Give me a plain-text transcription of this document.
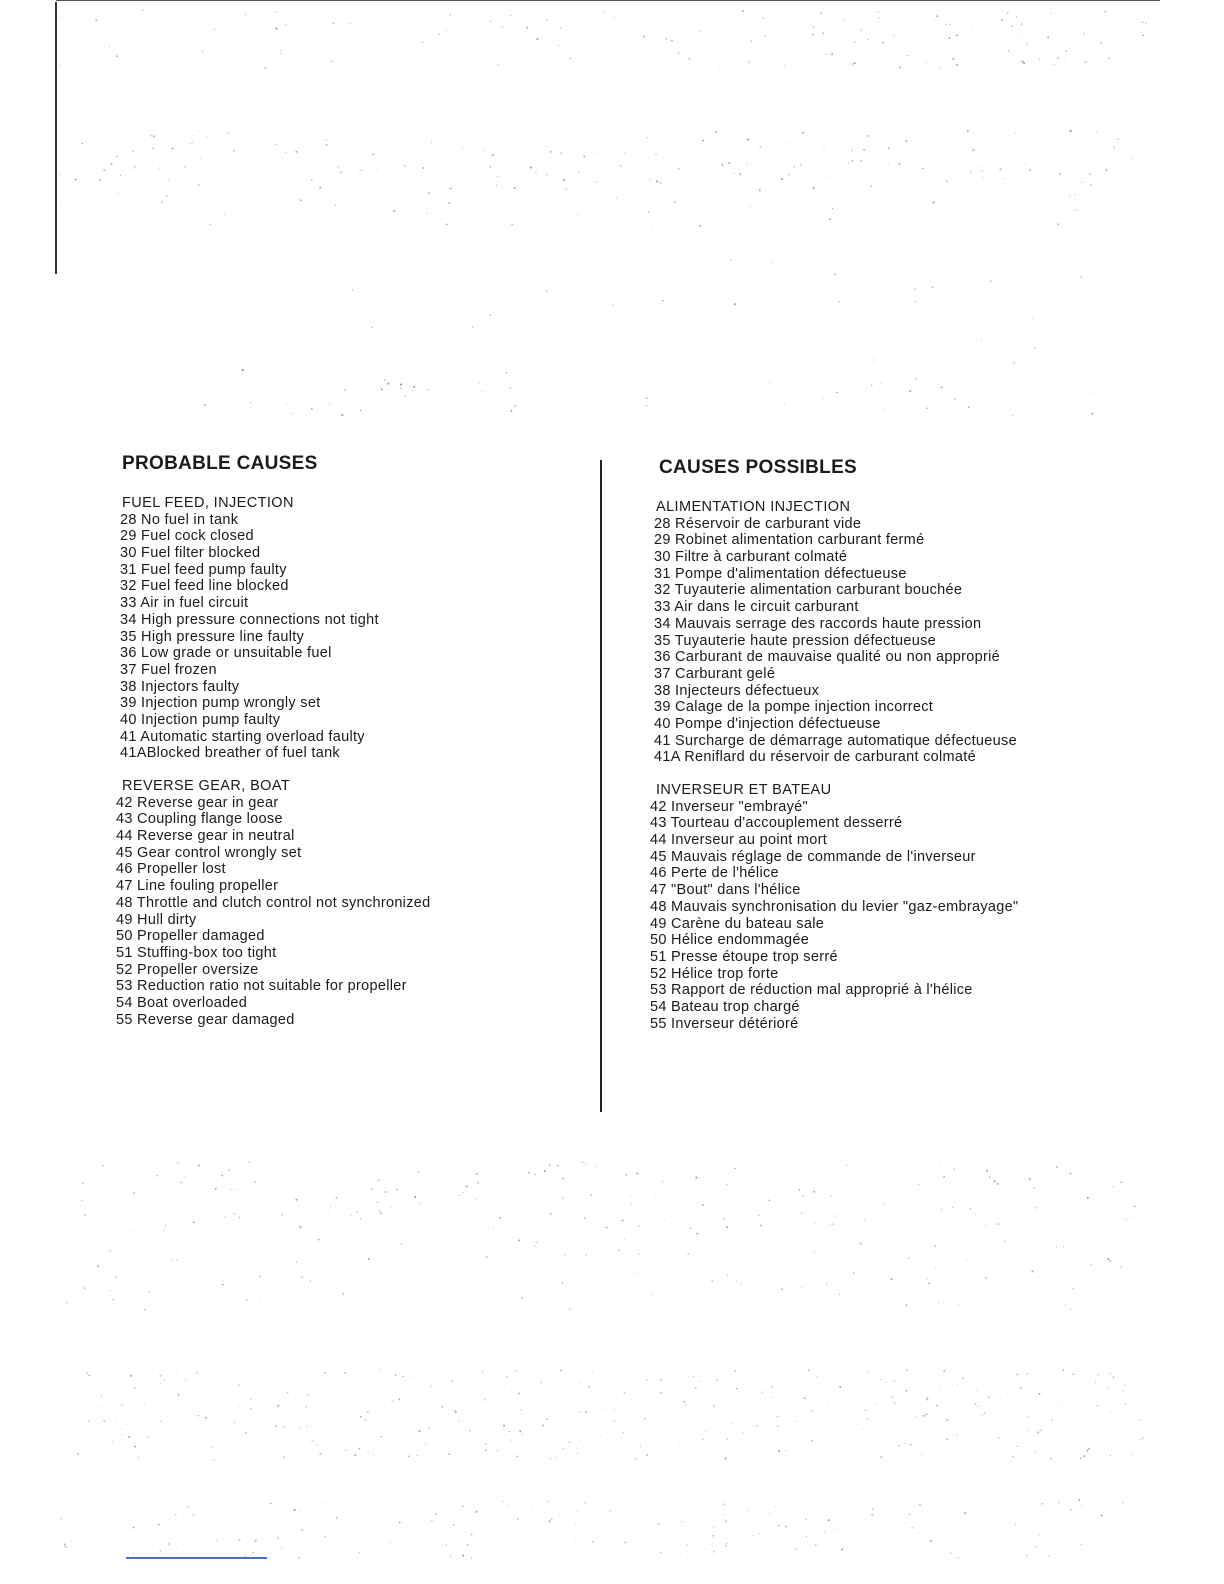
PROBABLE CAUSES
FUEL FEED, INJECTION
28 No fuel in tank
29 Fuel cock closed
30 Fuel filter blocked
31 Fuel feed pump faulty
32 Fuel feed line blocked
33 Air in fuel circuit
34 High pressure connections not tight
35 High pressure line faulty
36 Low grade or unsuitable fuel
37 Fuel frozen
38 Injectors faulty
39 Injection pump wrongly set
40 Injection pump faulty
41 Automatic starting overload faulty
41ABlocked breather of fuel tank
REVERSE GEAR, BOAT
42 Reverse gear in gear
43 Coupling flange loose
44 Reverse gear in neutral
45 Gear control wrongly set
46 Propeller lost
47 Line fouling propeller
48 Throttle and clutch control not synchronized
49 Hull dirty
50 Propeller damaged
51 Stuffing-box too tight
52 Propeller oversize
53 Reduction ratio not suitable for propeller
54 Boat overloaded
55 Reverse gear damaged
CAUSES POSSIBLES
ALIMENTATION INJECTION
28 Réservoir de carburant vide
29 Robinet alimentation carburant fermé
30 Filtre à carburant colmaté
31 Pompe d'alimentation défectueuse
32 Tuyauterie alimentation carburant bouchée
33 Air dans le circuit carburant
34 Mauvais serrage des raccords haute pression
35 Tuyauterie haute pression défectueuse
36 Carburant de mauvaise qualité ou non approprié
37 Carburant gelé
38 Injecteurs défectueux
39 Calage de la pompe injection incorrect
40 Pompe d'injection défectueuse
41 Surcharge de démarrage automatique défectueuse
41A Reniflard du réservoir de carburant colmaté
INVERSEUR ET BATEAU
42 Inverseur "embrayé"
43 Tourteau d'accouplement desserré
44 Inverseur au point mort
45 Mauvais réglage de commande de l'inverseur
46 Perte de l'hélice
47 "Bout" dans l'hélice
48 Mauvais synchronisation du levier "gaz-embrayage"
49 Carène du bateau sale
50 Hélice endommagée
51 Presse étoupe trop serré
52 Hélice trop forte
53 Rapport de réduction mal approprié à l'hélice
54 Bateau trop chargé
55 Inverseur détérioré
